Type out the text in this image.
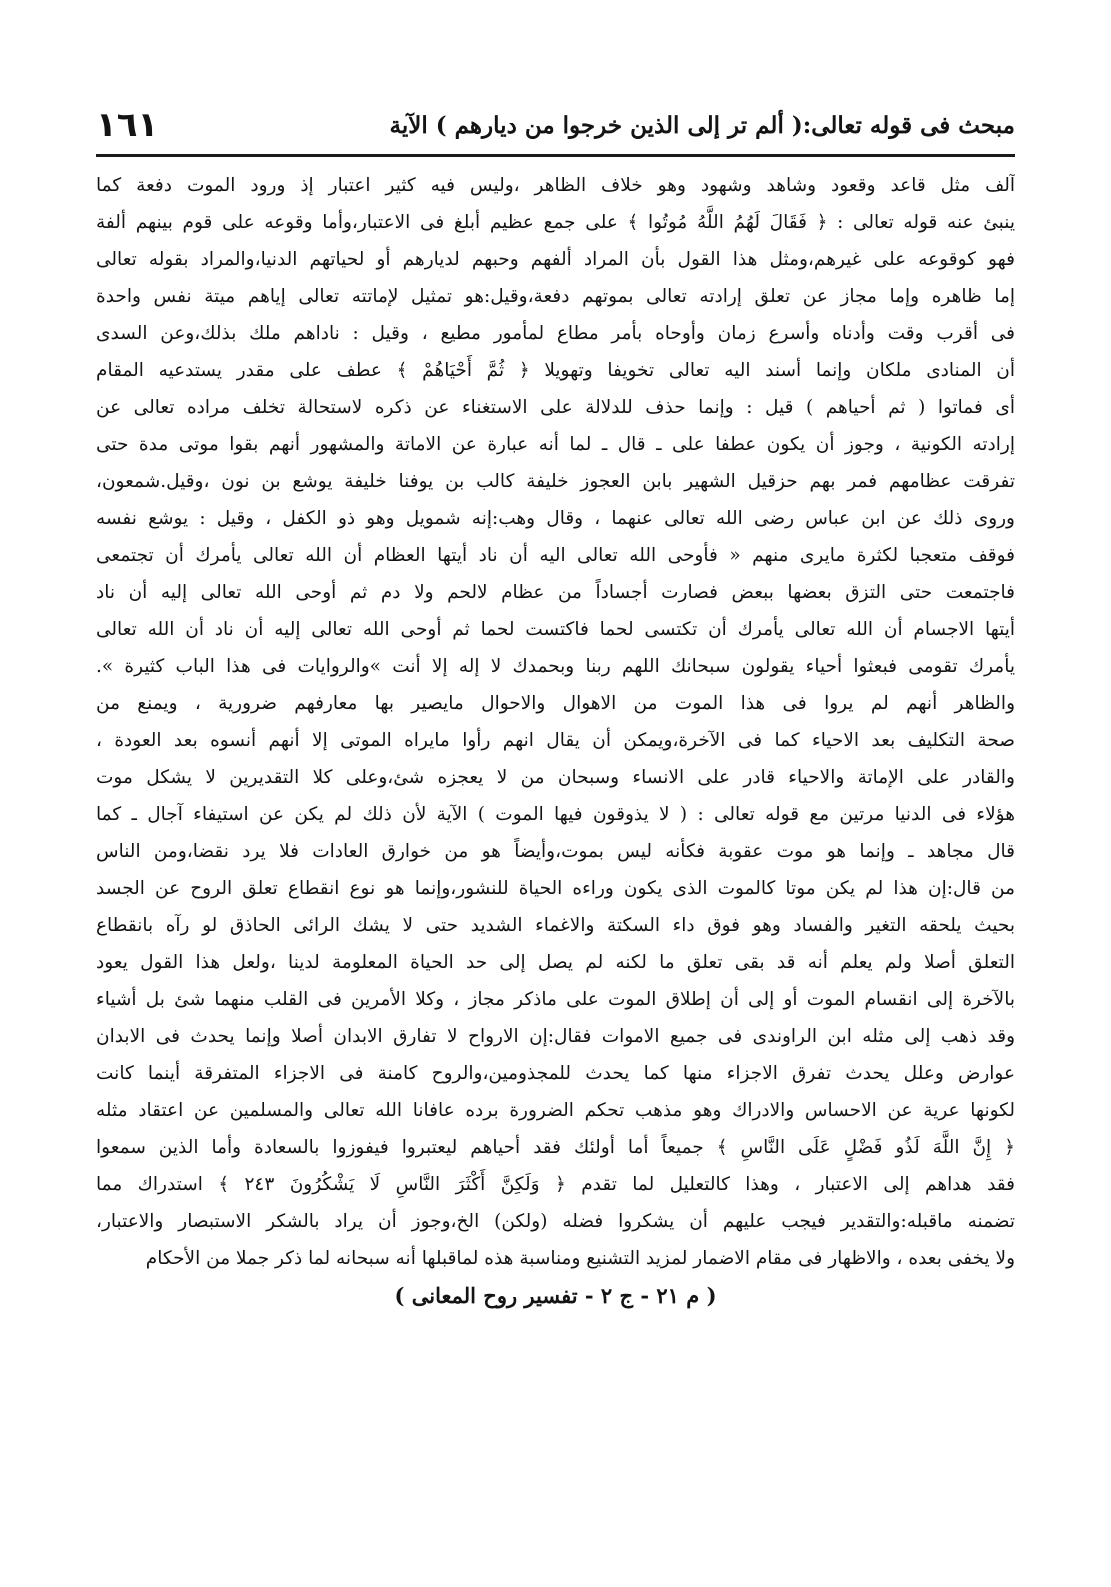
مبحث فى قوله تعالى:( ألم تر إلى الذين خرجوا من ديارهم ) الآية
١٦١
آلف مثل قاعد وقعود وشاهد وشهود وهو خلاف الظاهر ،وليس فيه كثير اعتبار إذ ورود الموت دفعة كما
ينبئ عنه قوله تعالى : ﴿ فَقَالَ لَهُمُ اللَّهُ مُوتُوا ﴾ على جمع عظيم أبلغ فى الاعتبار،وأما وقوعه على قوم بينهم ألفة
فهو كوقوعه على غيرهم،ومثل هذا القول بأن المراد ألفهم وحبهم لديارهم أو لحياتهم الدنيا،والمراد بقوله تعالى
إما ظاهره وإما مجاز عن تعلق إرادته تعالى بموتهم دفعة،وقيل:هو تمثيل لإماتته تعالى إياهم ميتة نفس واحدة
فى أقرب وقت وأدناه وأسرع زمان وأوحاه بأمر مطاع لمأمور مطيع ، وقيل : ناداهم ملك بذلك،وعن السدى
أن المنادى ملكان وإنما أسند اليه تعالى تخويفا وتهويلا ﴿ ثُمَّ أَحْيَاهُمْ ﴾ عطف على مقدر يستدعيه المقام
أى فماتوا ( ثم أحياهم ) قيل : وإنما حذف للدلالة على الاستغناء عن ذكره لاستحالة تخلف مراده تعالى عن
إرادته الكونية ، وجوز أن يكون عطفا على ـ قال ـ لما أنه عبارة عن الاماتة والمشهور أنهم بقوا موتى مدة حتى
تفرقت عظامهم فمر بهم حزقيل الشهير بابن العجوز خليفة كالب بن يوفنا خليفة يوشع بن نون ،وقيل.شمعون،
وروى ذلك عن ابن عباس رضى الله تعالى عنهما ، وقال وهب:إنه شمويل وهو ذو الكفل ، وقيل : يوشع نفسه
فوقف متعجبا لكثرة مايرى منهم « فأوحى الله تعالى اليه أن ناد أيتها العظام أن الله تعالى يأمرك أن تجتمعى
فاجتمعت حتى التزق بعضها ببعض فصارت أجساداً من عظام لالحم ولا دم ثم أوحى الله تعالى إليه أن ناد
أيتها الاجسام أن الله تعالى يأمرك أن تكتسى لحما فاكتست لحما ثم أوحى الله تعالى إليه أن ناد أن الله تعالى
يأمرك تقومى فبعثوا أحياء يقولون سبحانك اللهم ربنا وبحمدك لا إله إلا أنت »والروايات فى هذا الباب كثيرة ».
والظاهر أنهم لم يروا فى هذا الموت من الاهوال والاحوال مايصير بها معارفهم ضرورية ، ويمنع من
صحة التكليف بعد الاحياء كما فى الآخرة،ويمكن أن يقال انهم رأوا مايراه الموتى إلا أنهم أنسوه بعد العودة ،
والقادر على الإماتة والاحياء قادر على الانساء وسبحان من لا يعجزه شئ،وعلى كلا التقديرين لا يشكل موت
هؤلاء فى الدنيا مرتين مع قوله تعالى : ( لا يذوقون فيها الموت ) الآية لأن ذلك لم يكن عن استيفاء آجال ـ كما
قال مجاهد ـ وإنما هو موت عقوبة فكأنه ليس بموت،وأيضاً هو من خوارق العادات فلا يرد نقضا،ومن الناس
من قال:إن هذا لم يكن موتا كالموت الذى يكون وراءه الحياة للنشور،وإنما هو نوع انقطاع تعلق الروح عن الجسد
بحيث يلحقه التغير والفساد وهو فوق داء السكتة والاغماء الشديد حتى لا يشك الرائى الحاذق لو رآه بانقطاع
التعلق أصلا ولم يعلم أنه قد بقى تعلق ما لكنه لم يصل إلى حد الحياة المعلومة لدينا ،ولعل هذا القول يعود
بالآخرة إلى انقسام الموت أو إلى أن إطلاق الموت على ماذكر مجاز ، وكلا الأمرين فى القلب منهما شئ بل أشياء
وقد ذهب إلى مثله ابن الراوندى فى جميع الاموات فقال:إن الارواح لا تفارق الابدان أصلا وإنما يحدث فى الابدان
عوارض وعلل يحدث تفرق الاجزاء منها كما يحدث للمجذومين،والروح كامنة فى الاجزاء المتفرقة أينما كانت
لكونها عرية عن الاحساس والادراك وهو مذهب تحكم الضرورة برده عافانا الله تعالى والمسلمين عن اعتقاد مثله
﴿ إِنَّ اللَّهَ لَذُو فَضْلٍ عَلَى النَّاسِ ﴾ جميعاً أما أولئك فقد أحياهم ليعتبروا فيفوزوا بالسعادة وأما الذين سمعوا
فقد هداهم إلى الاعتبار ، وهذا كالتعليل لما تقدم ﴿ وَلَكِنَّ أَكْثَرَ النَّاسِ لَا يَشْكُرُونَ ٢٤٣ ﴾ استدراك مما
تضمنه ماقبله:والتقدير فيجب عليهم أن يشكروا فضله (ولكن) الخ،وجوز أن يراد بالشكر الاستبصار والاعتبار،
ولا يخفى بعده ، والاظهار فى مقام الاضمار لمزيد التشنيع ومناسبة هذه لماقبلها أنه سبحانه لما ذكر جملا من الأحكام
( م ٢١ - ج ٢ - تفسير روح المعانى )
